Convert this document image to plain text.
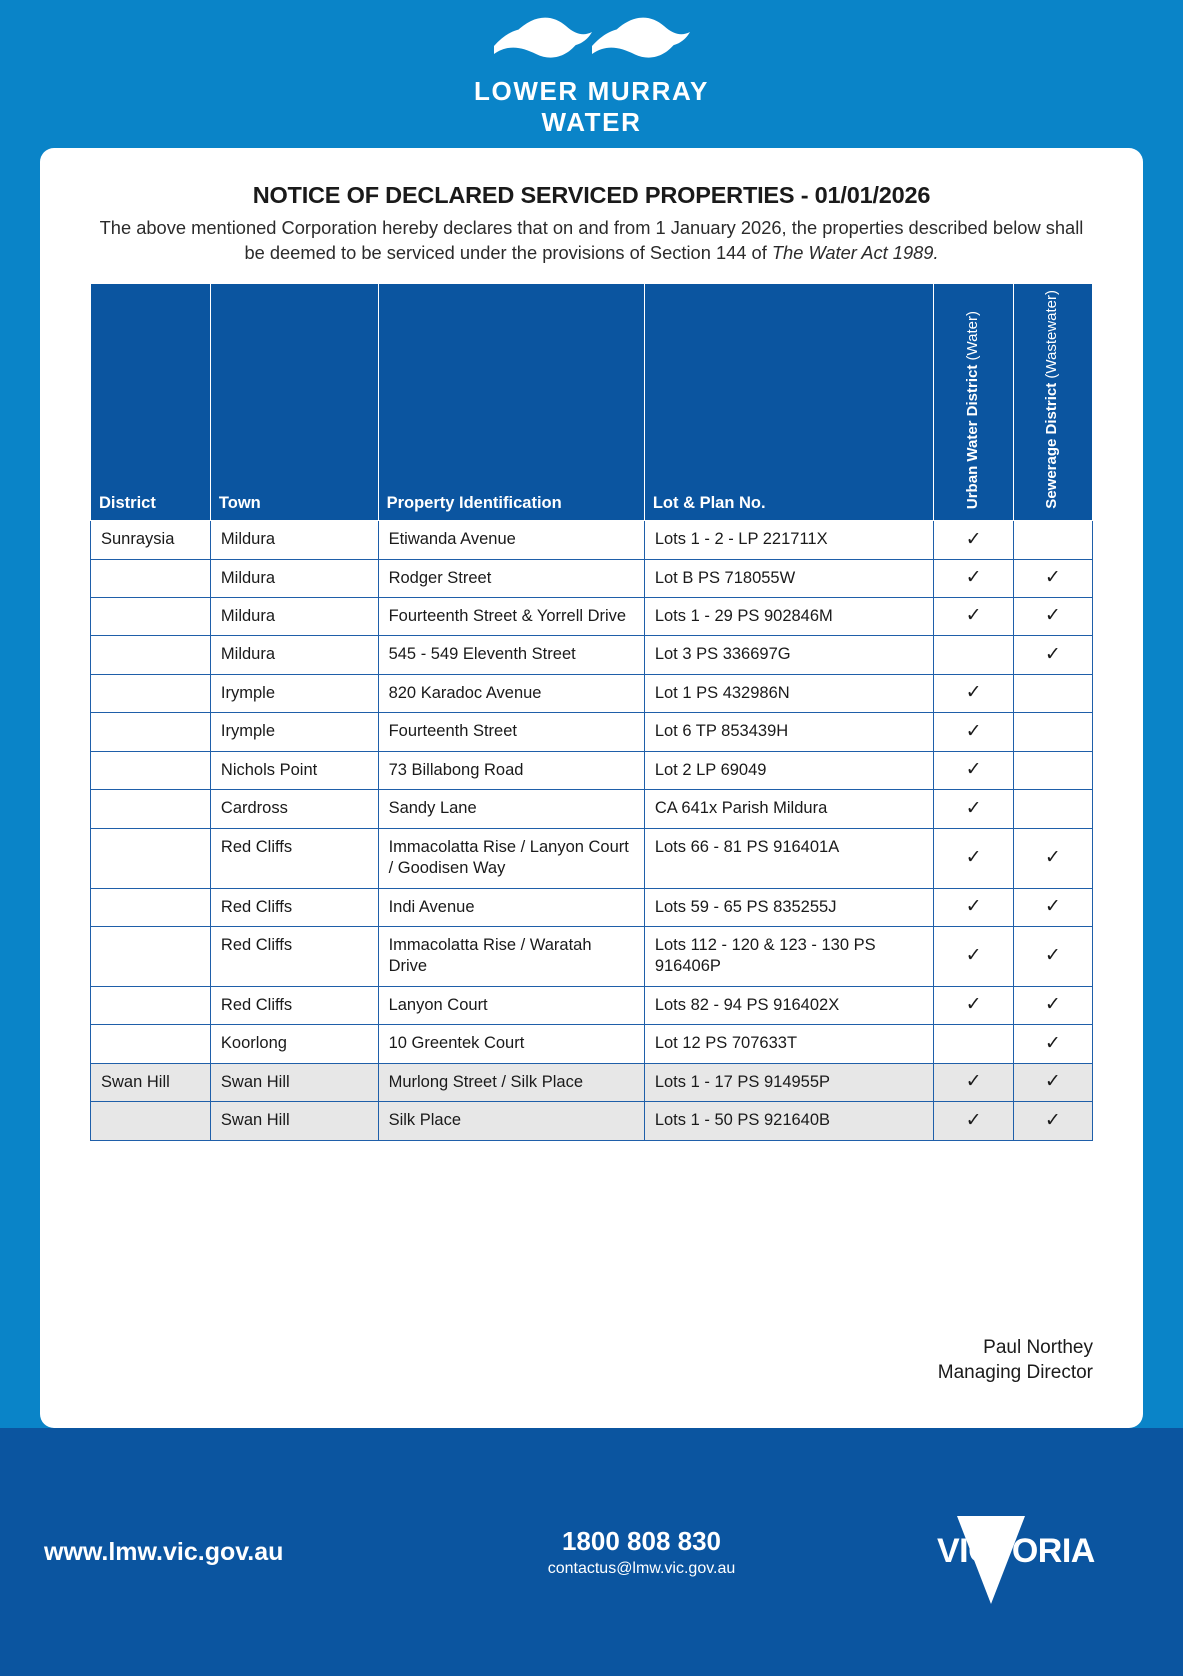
LOWER MURRAY
WATER
NOTICE OF DECLARED SERVICED PROPERTIES - 01/01/2026

The above mentioned Corporation hereby declares that on and from 1 January 2026, the properties described below shall be deemed to be serviced under the provisions of Section 144 of The Water Act 1989.

District	Town	Property Identification	Lot & Plan No.	Urban Water District (Water)	Sewerage District (Wastewater)
Sunraysia	Mildura	Etiwanda Avenue	Lots 1 - 2 - LP 221711X	✓	
	Mildura	Rodger Street	Lot B PS 718055W	✓	✓
	Mildura	Fourteenth Street & Yorrell Drive	Lots 1 - 29 PS 902846M	✓	✓
	Mildura	545 - 549 Eleventh Street	Lot 3 PS 336697G		✓
	Irymple	820 Karadoc Avenue	Lot 1 PS 432986N	✓	
	Irymple	Fourteenth Street	Lot 6 TP 853439H	✓	
	Nichols Point	73 Billabong Road	Lot 2 LP 69049	✓	
	Cardross	Sandy Lane	CA 641x Parish Mildura	✓	
	Red Cliffs	Immacolatta Rise / Lanyon Court / Goodisen Way	Lots 66 - 81 PS 916401A	✓	✓
	Red Cliffs	Indi Avenue	Lots 59 - 65 PS 835255J	✓	✓
	Red Cliffs	Immacolatta Rise / Waratah Drive	Lots 112 - 120 & 123 - 130 PS 916406P	✓	✓
	Red Cliffs	Lanyon Court	Lots 82 - 94 PS 916402X	✓	✓
	Koorlong	10 Greentek Court	Lot 12 PS 707633T		✓
Swan Hill	Swan Hill	Murlong Street / Silk Place	Lots 1 - 17 PS 914955P	✓	✓
	Swan Hill	Silk Place	Lots 1 - 50 PS 921640B	✓	✓
Paul Northey
Managing Director
www.lmw.vic.gov.au	1800 808 830
contactus@lmw.vic.gov.au	VICTORIA
